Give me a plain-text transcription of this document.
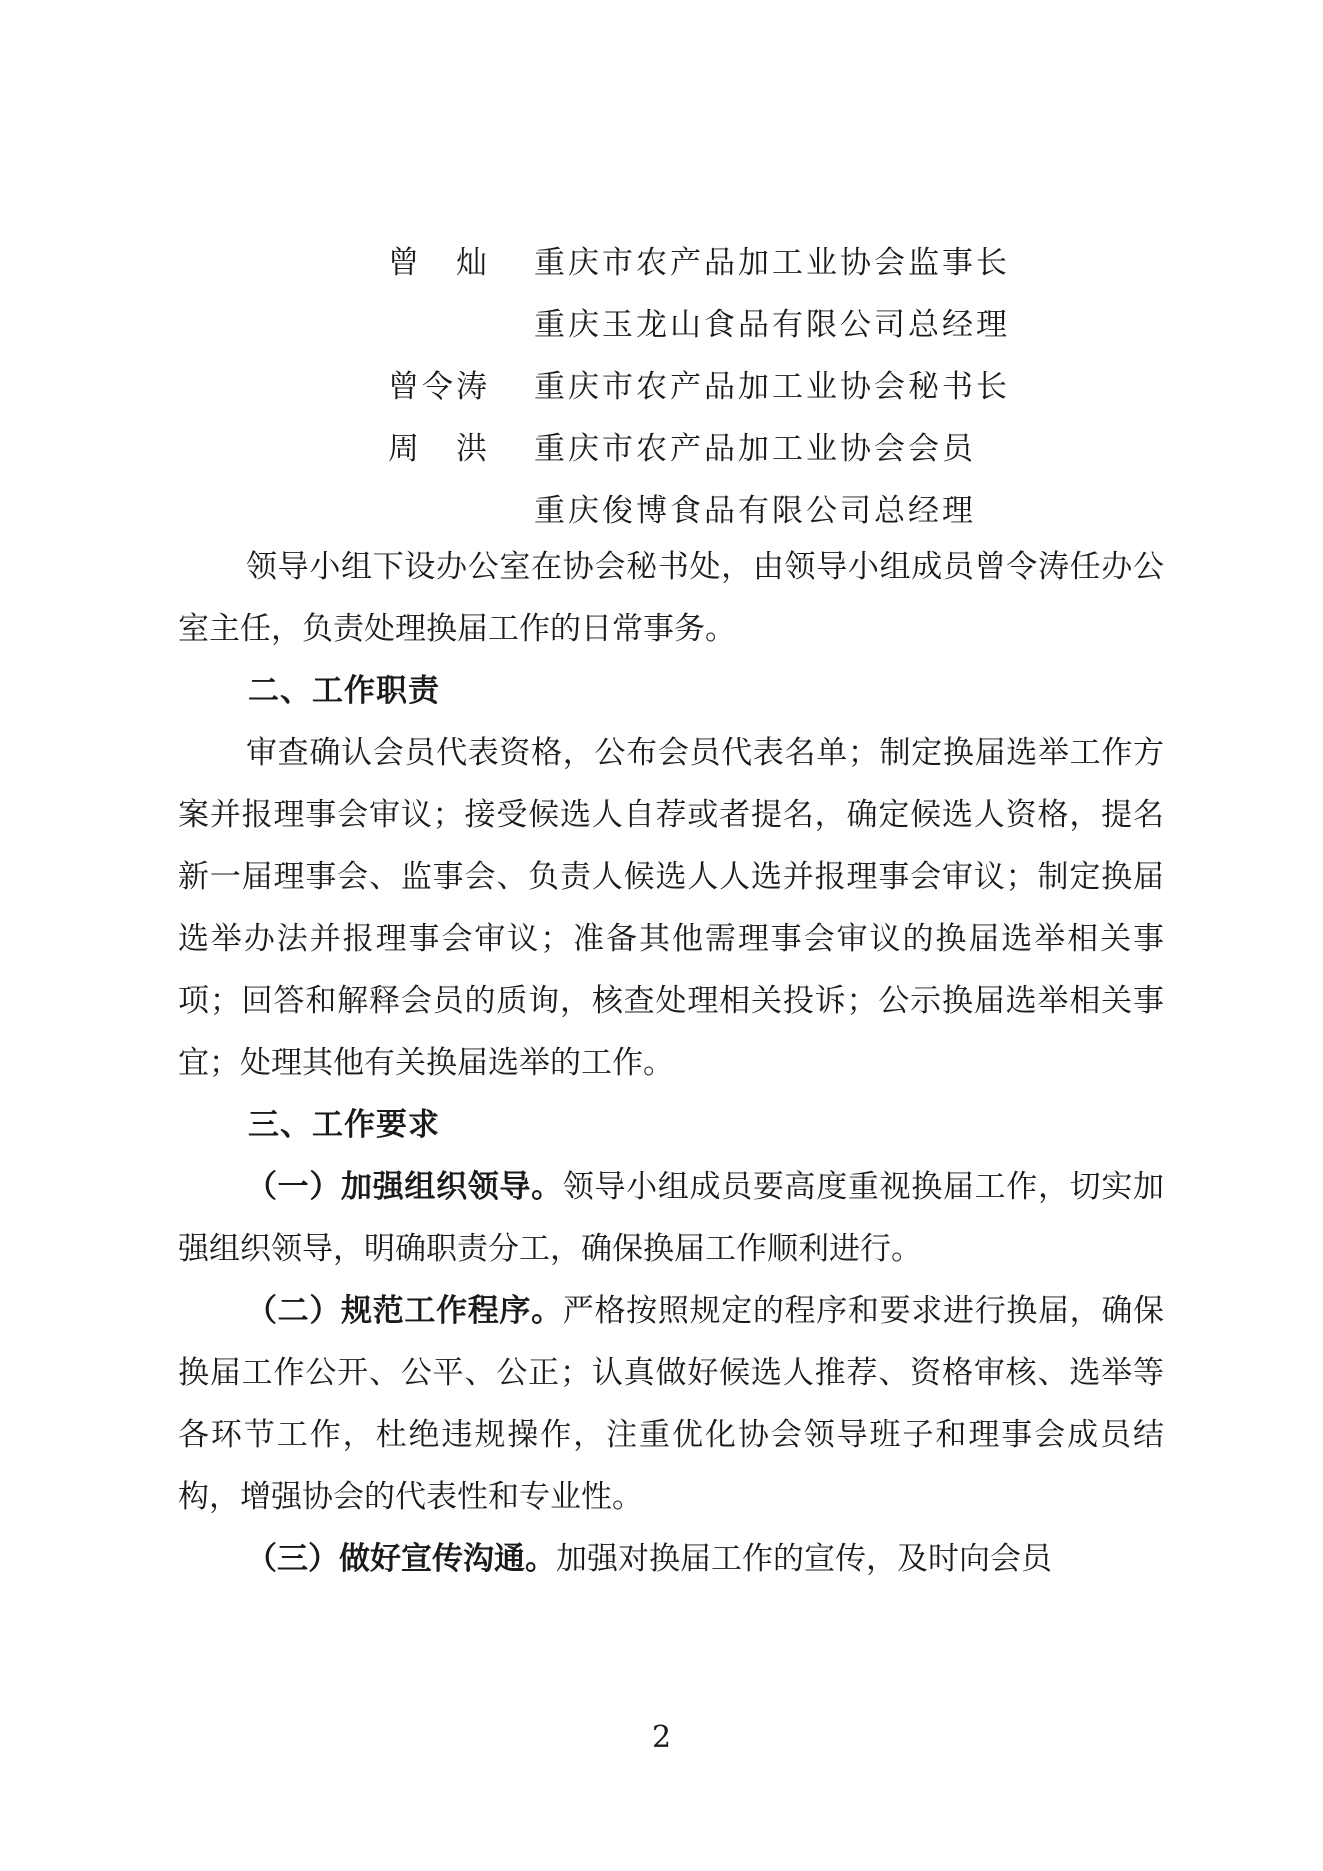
曾　灿	重庆市农产品加工业协会监事长
重庆玉龙山食品有限公司总经理
曾令涛	重庆市农产品加工业协会秘书长
周　洪	重庆市农产品加工业协会会员
重庆俊博食品有限公司总经理

领导小组下设办公室在协会秘书处，由领导小组成员曾令涛任办公室主任，负责处理换届工作的日常事务。

二、工作职责

审查确认会员代表资格，公布会员代表名单；制定换届选举工作方案并报理事会审议；接受候选人自荐或者提名，确定候选人资格，提名新一届理事会、监事会、负责人候选人人选并报理事会审议；制定换届选举办法并报理事会审议；准备其他需理事会审议的换届选举相关事项；回答和解释会员的质询，核查处理相关投诉；公示换届选举相关事宜；处理其他有关换届选举的工作。

三、工作要求

（一）加强组织领导。领导小组成员要高度重视换届工作，切实加强组织领导，明确职责分工，确保换届工作顺利进行。

（二）规范工作程序。严格按照规定的程序和要求进行换届，确保换届工作公开、公平、公正；认真做好候选人推荐、资格审核、选举等各环节工作，杜绝违规操作，注重优化协会领导班子和理事会成员结构，增强协会的代表性和专业性。

（三）做好宣传沟通。加强对换届工作的宣传，及时向会员

2
